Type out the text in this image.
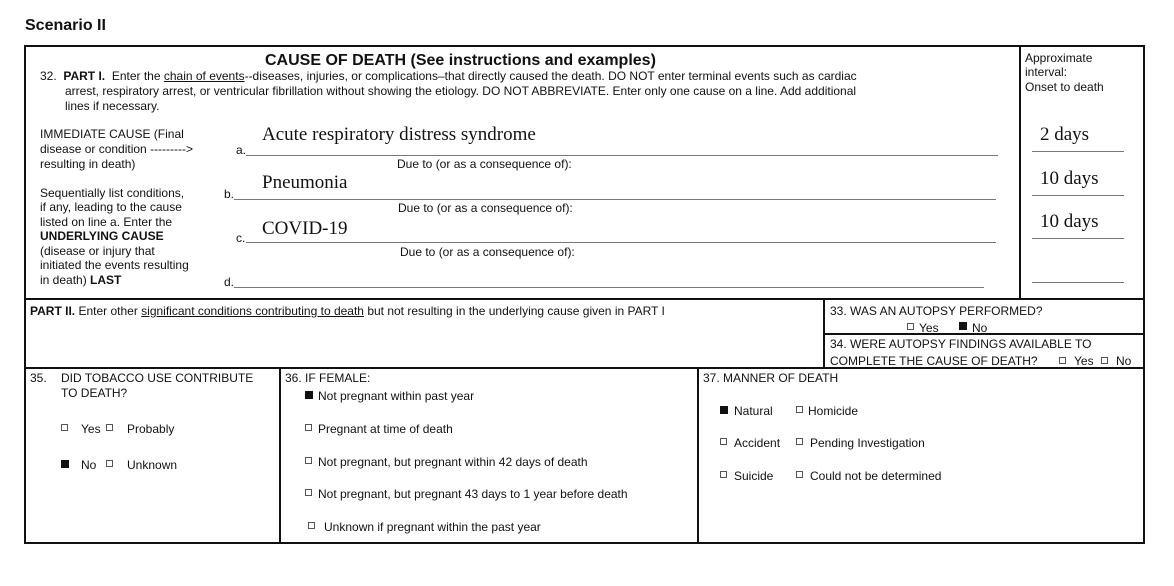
Scenario II
CAUSE OF DEATH (See instructions and examples)	Approximate
interval:
Onset to death
32. PART I. Enter the chain of events--diseases, injuries, or complications–that directly caused the death. DO NOT enter terminal events such as cardiac
arrest, respiratory arrest, or ventricular fibrillation without showing the etiology. DO NOT ABBREVIATE. Enter only one cause on a line. Add additional
lines if necessary.
IMMEDIATE CAUSE (Final
disease or condition --------->
resulting in death)
Sequentially list conditions,
if any, leading to the cause
listed on line a. Enter the
UNDERLYING CAUSE
(disease or injury that
initiated the events resulting
in death) LAST
a.
Acute respiratory distress syndrome
Due to (or as a consequence of):
2 days
b.
Pneumonia
Due to (or as a consequence of):
10 days
c. COVID-19
Due to (or as a consequence of):
10 days
d.
PART II. Enter other significant conditions contributing to death but not resulting in the underlying cause given in PART I	33. WAS AN AUTOPSY PERFORMED?
Yes	No
34. WERE AUTOPSY FINDINGS AVAILABLE TO
COMPLETE THE CAUSE OF DEATH?	Yes No
35. DID TOBACCO USE CONTRIBUTE
TO DEATH?
Yes Probably
No	Unknown
36. IF FEMALE:
Not pregnant within past year
Pregnant at time of death
Not pregnant, but pregnant within 42 days of death
Not pregnant, but pregnant 43 days to 1 year before death
Unknown if pregnant within the past year
37. MANNER OF DEATH
Natural	Homicide
Accident Pending Investigation
Suicide	Could not be determined
